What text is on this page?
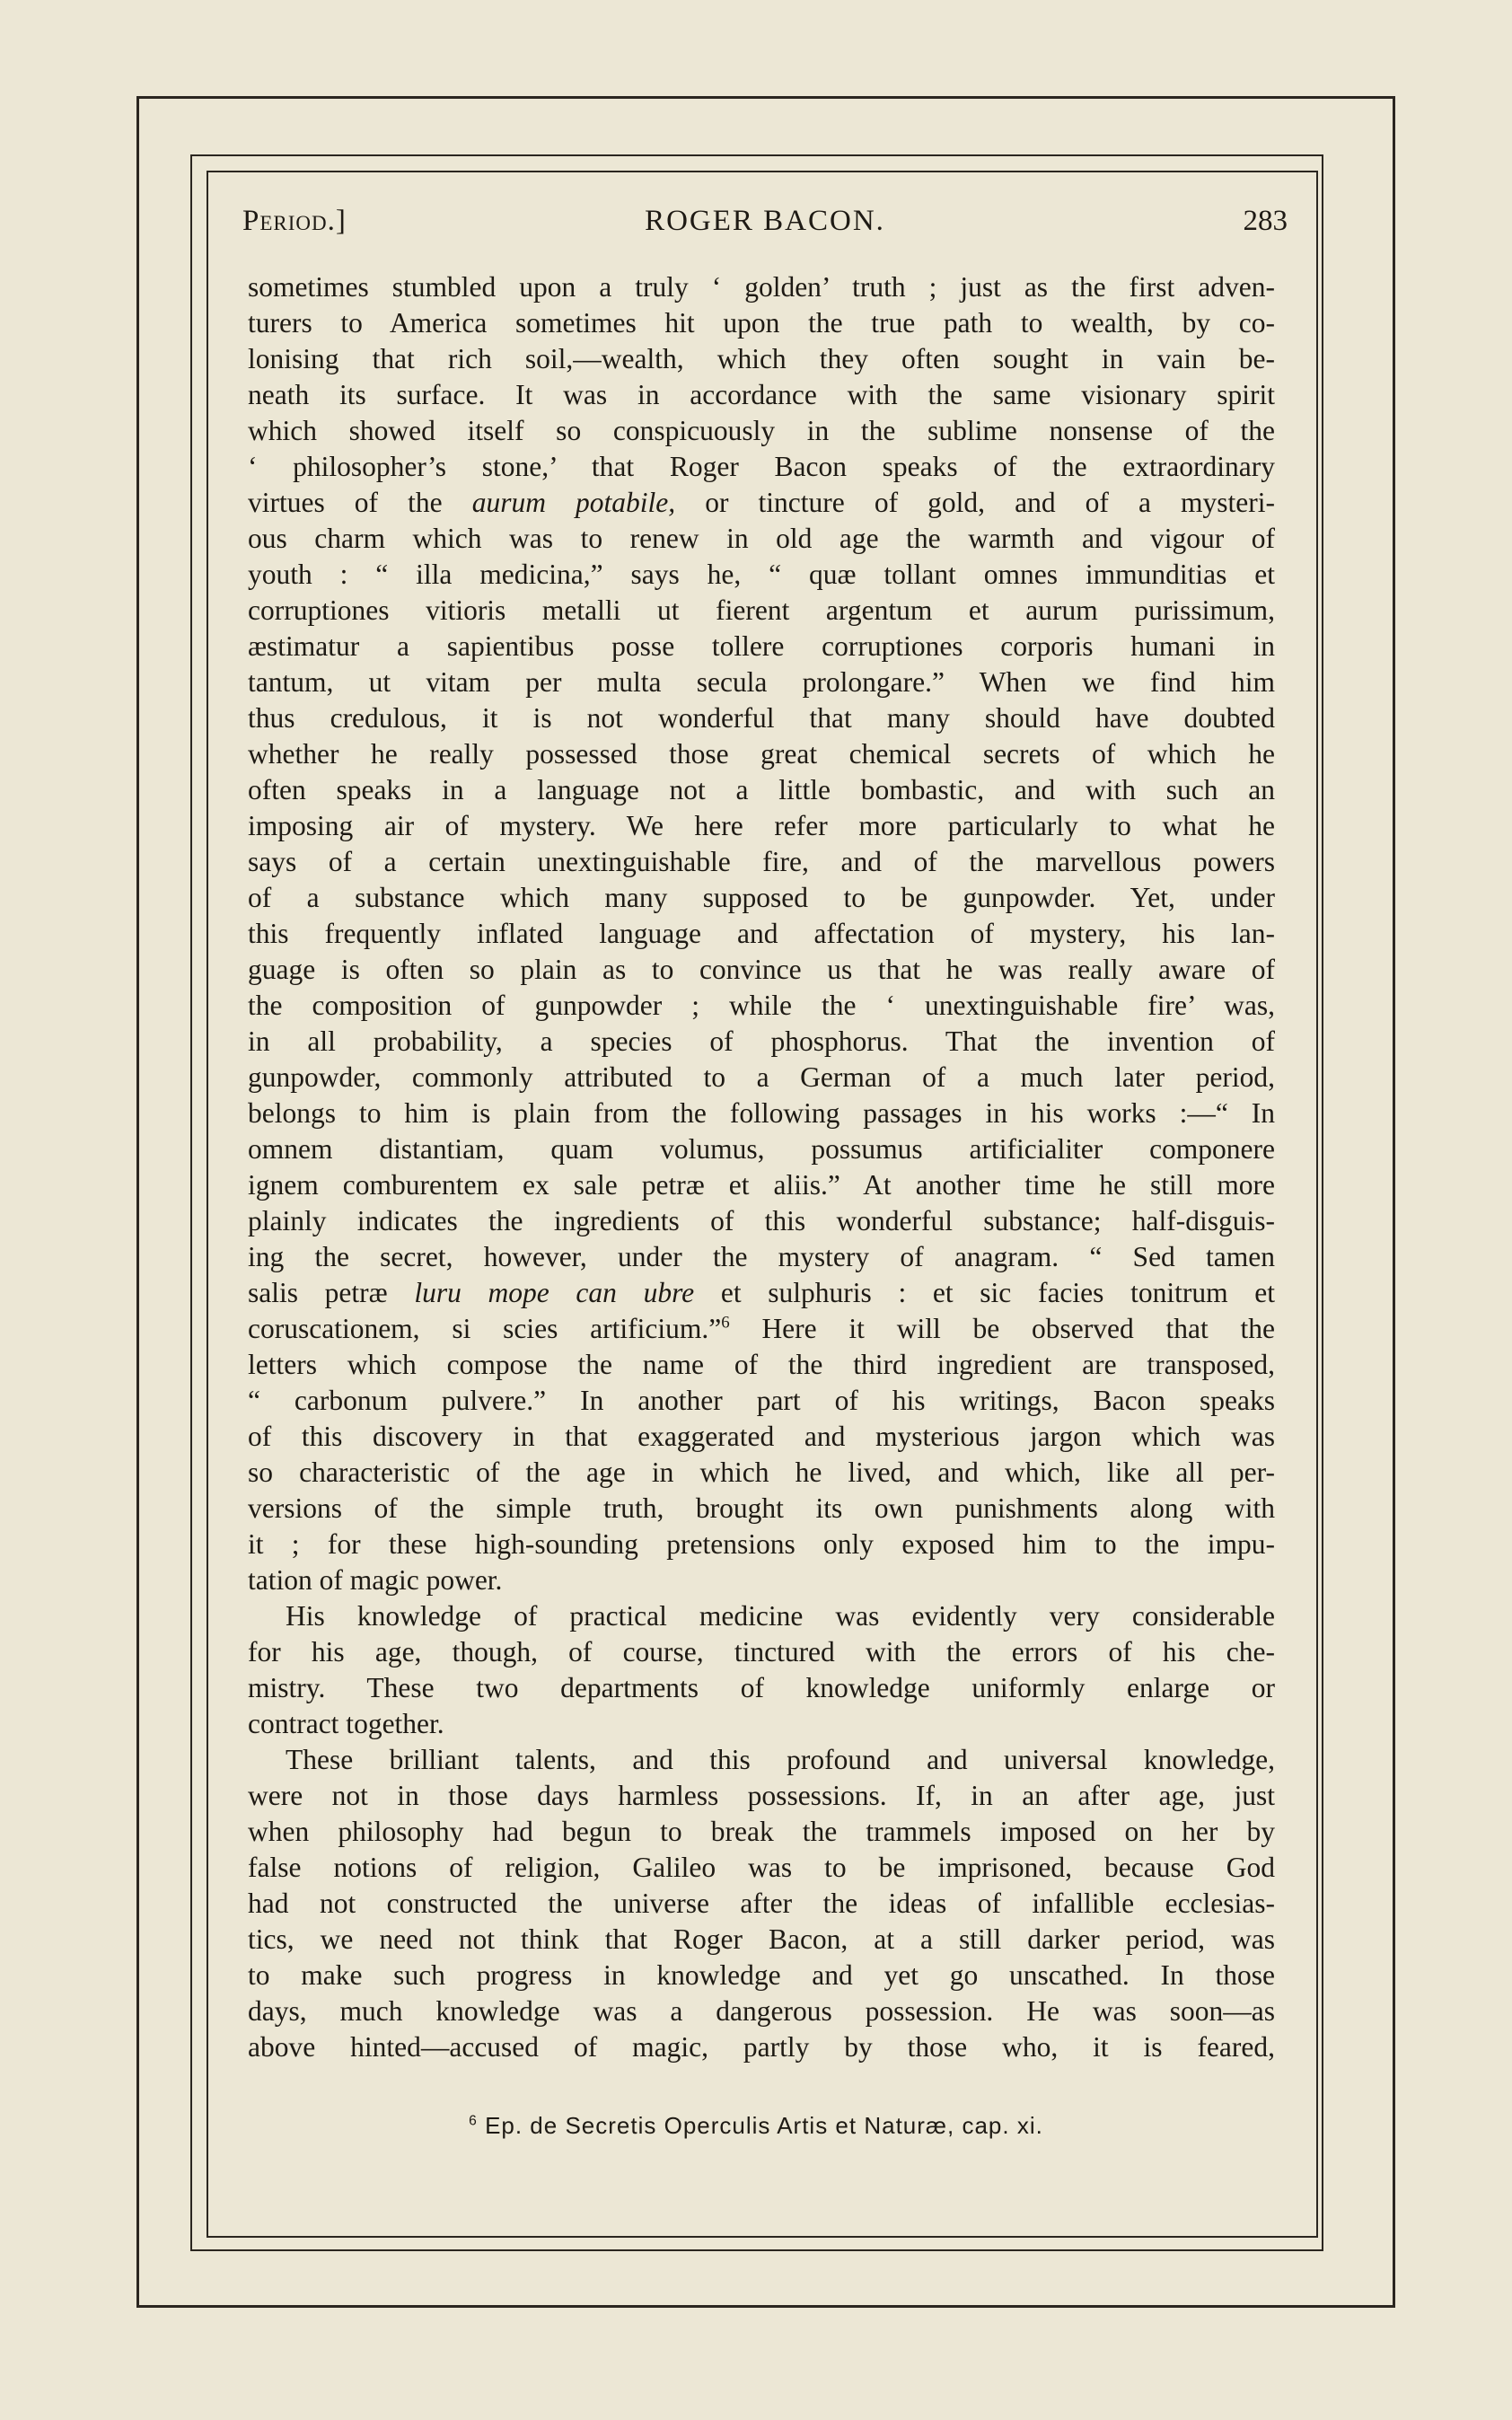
Period.]	ROGER BACON.	283
sometimes stumbled upon a truly ‘ golden’ truth ; just as the first adven-
turers to America sometimes hit upon the true path to wealth, by co-
lonising that rich soil,—wealth, which they often sought in vain be-
neath its surface. It was in accordance with the same visionary spirit
which showed itself so conspicuously in the sublime nonsense of the
‘ philosopher’s stone,’ that Roger Bacon speaks of the extraordinary
virtues of the aurum potabile, or tincture of gold, and of a mysteri-
ous charm which was to renew in old age the warmth and vigour of
youth : “ illa medicina,” says he, “ quæ tollant omnes immunditias et
corruptiones vitioris metalli ut fierent argentum et aurum purissimum,
æstimatur a sapientibus posse tollere corruptiones corporis humani in
tantum, ut vitam per multa secula prolongare.” When we find him
thus credulous, it is not wonderful that many should have doubted
whether he really possessed those great chemical secrets of which he
often speaks in a language not a little bombastic, and with such an
imposing air of mystery. We here refer more particularly to what he
says of a certain unextinguishable fire, and of the marvellous powers
of a substance which many supposed to be gunpowder. Yet, under
this frequently inflated language and affectation of mystery, his lan-
guage is often so plain as to convince us that he was really aware of
the composition of gunpowder ; while the ‘ unextinguishable fire’ was,
in all probability, a species of phosphorus. That the invention of
gunpowder, commonly attributed to a German of a much later period,
belongs to him is plain from the following passages in his works :—“ In
omnem distantiam, quam volumus, possumus artificialiter componere
ignem comburentem ex sale petræ et aliis.” At another time he still more
plainly indicates the ingredients of this wonderful substance; half-disguis-
ing the secret, however, under the mystery of anagram. “ Sed tamen
salis petræ luru mope can ubre et sulphuris : et sic facies tonitrum et
coruscationem, si scies artificium.”$^6$ Here it will be observed that the
letters which compose the name of the third ingredient are transposed,
“ carbonum pulvere.” In another part of his writings, Bacon speaks
of this discovery in that exaggerated and mysterious jargon which was
so characteristic of the age in which he lived, and which, like all per-
versions of the simple truth, brought its own punishments along with
it ; for these high-sounding pretensions only exposed him to the impu-
tation of magic power.
His knowledge of practical medicine was evidently very considerable
for his age, though, of course, tinctured with the errors of his che-
mistry. These two departments of knowledge uniformly enlarge or
contract together.
These brilliant talents, and this profound and universal knowledge,
were not in those days harmless possessions. If, in an after age, just
when philosophy had begun to break the trammels imposed on her by
false notions of religion, Galileo was to be imprisoned, because God
had not constructed the universe after the ideas of infallible ecclesias-
tics, we need not think that Roger Bacon, at a still darker period, was
to make such progress in knowledge and yet go unscathed. In those
days, much knowledge was a dangerous possession. He was soon—as
above hinted—accused of magic, partly by those who, it is feared,
$^6$ Ep. de Secretis Operculis Artis et Naturæ, cap. xi.
